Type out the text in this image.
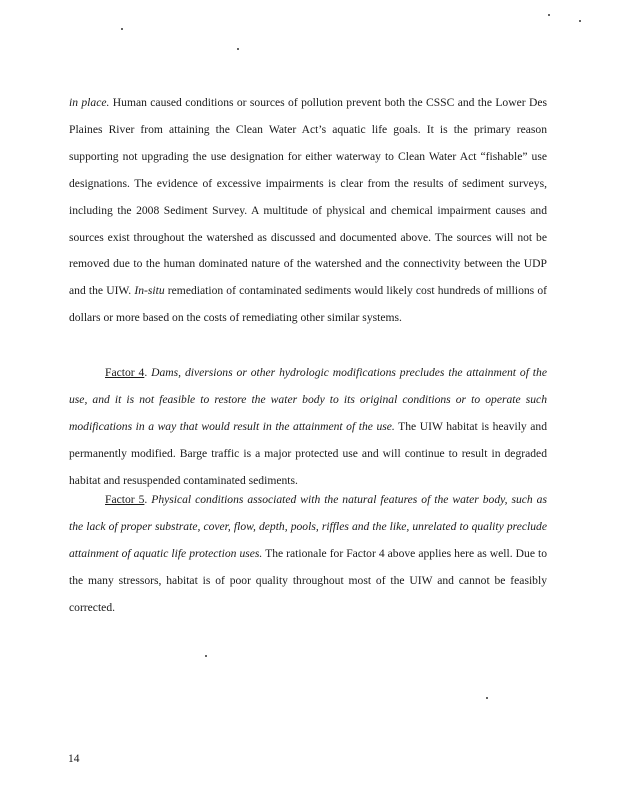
in place. Human caused conditions or sources of pollution prevent both the CSSC and the Lower Des Plaines River from attaining the Clean Water Act’s aquatic life goals. It is the primary reason supporting not upgrading the use designation for either waterway to Clean Water Act “fishable” use designations. The evidence of excessive impairments is clear from the results of sediment surveys, including the 2008 Sediment Survey. A multitude of physical and chemical impairment causes and sources exist throughout the watershed as discussed and documented above. The sources will not be removed due to the human dominated nature of the watershed and the connectivity between the UDP and the UIW. In-situ remediation of contaminated sediments would likely cost hundreds of millions of dollars or more based on the costs of remediating other similar systems.
Factor 4. Dams, diversions or other hydrologic modifications precludes the attainment of the use, and it is not feasible to restore the water body to its original conditions or to operate such modifications in a way that would result in the attainment of the use. The UIW habitat is heavily and permanently modified. Barge traffic is a major protected use and will continue to result in degraded habitat and resuspended contaminated sediments.
Factor 5. Physical conditions associated with the natural features of the water body, such as the lack of proper substrate, cover, flow, depth, pools, riffles and the like, unrelated to quality preclude attainment of aquatic life protection uses. The rationale for Factor 4 above applies here as well. Due to the many stressors, habitat is of poor quality throughout most of the UIW and cannot be feasibly corrected.
14
